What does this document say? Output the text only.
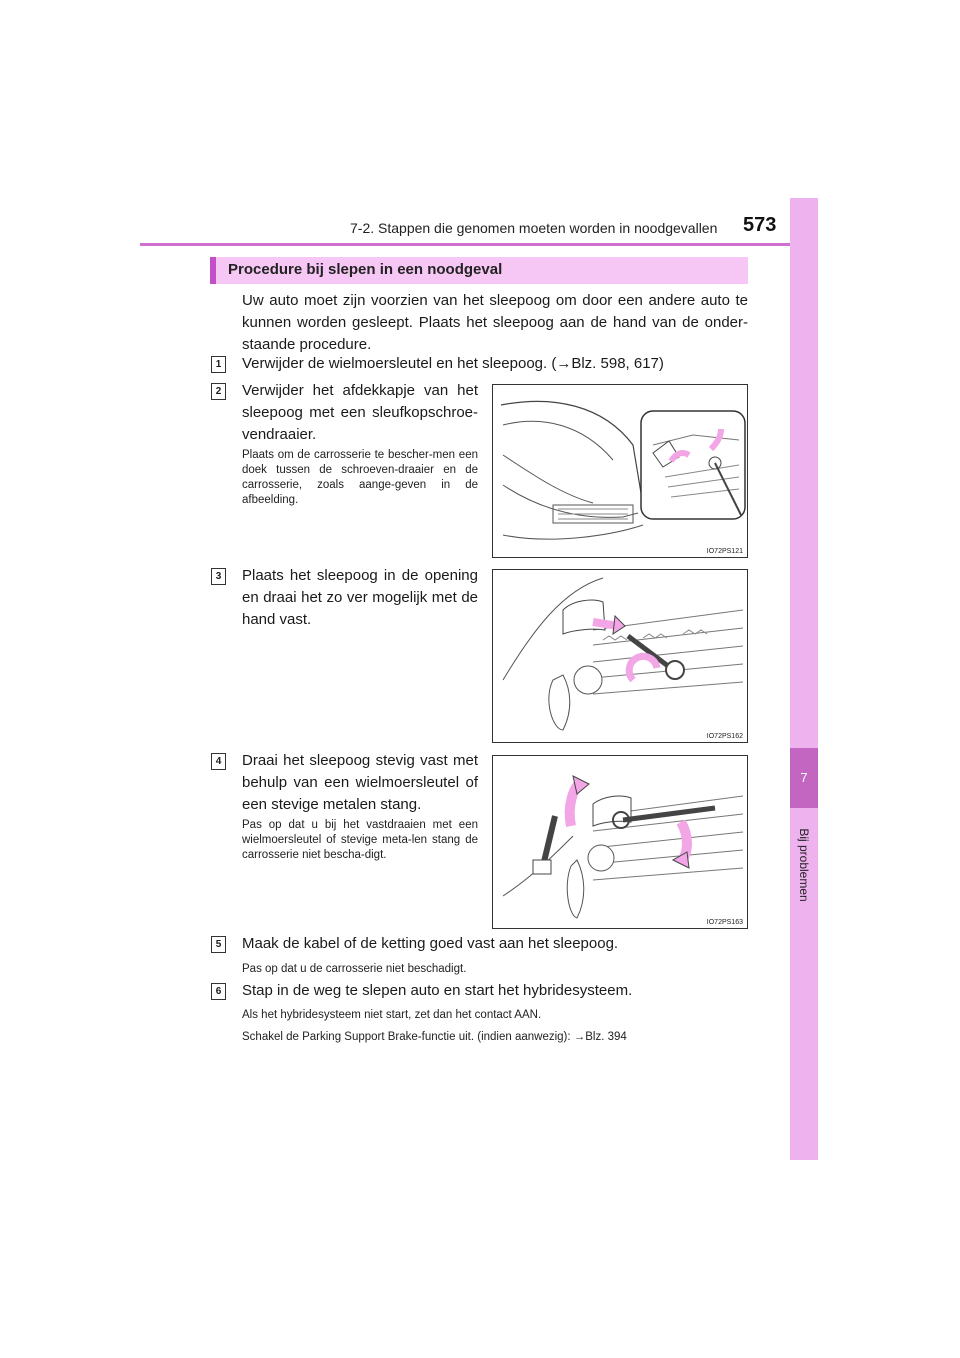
7-2. Stappen die genomen moeten worden in noodgevallen 573
7
Bij problemen
Procedure bij slepen in een noodgeval
Uw auto moet zijn voorzien van het sleepoog om door een andere auto te kunnen worden gesleept. Plaats het sleepoog aan de hand van de onder-staande procedure.
1	Verwijder de wielmoersleutel en het sleepoog. (→Blz. 598, 617)
2	Verwijder het afdekkapje van het sleepoog met een sleufkopschroe-vendraaier.
Plaats om de carrosserie te bescher-men een doek tussen de schroeven-draaier en de carrosserie, zoals aange-geven in de afbeelding.
IO72PS121
3	Plaats het sleepoog in de opening en draai het zo ver mogelijk met de hand vast.
IO72PS162
4	Draai het sleepoog stevig vast met behulp van een wielmoersleutel of een stevige metalen stang.
Pas op dat u bij het vastdraaien met een wielmoersleutel of stevige meta-len stang de carrosserie niet bescha-digt.
IO72PS163
5	Maak de kabel of de ketting goed vast aan het sleepoog.
Pas op dat u de carrosserie niet beschadigt.
6	Stap in de weg te slepen auto en start het hybridesysteem.
Als het hybridesysteem niet start, zet dan het contact AAN.
Schakel de Parking Support Brake-functie uit. (indien aanwezig): →Blz. 394
